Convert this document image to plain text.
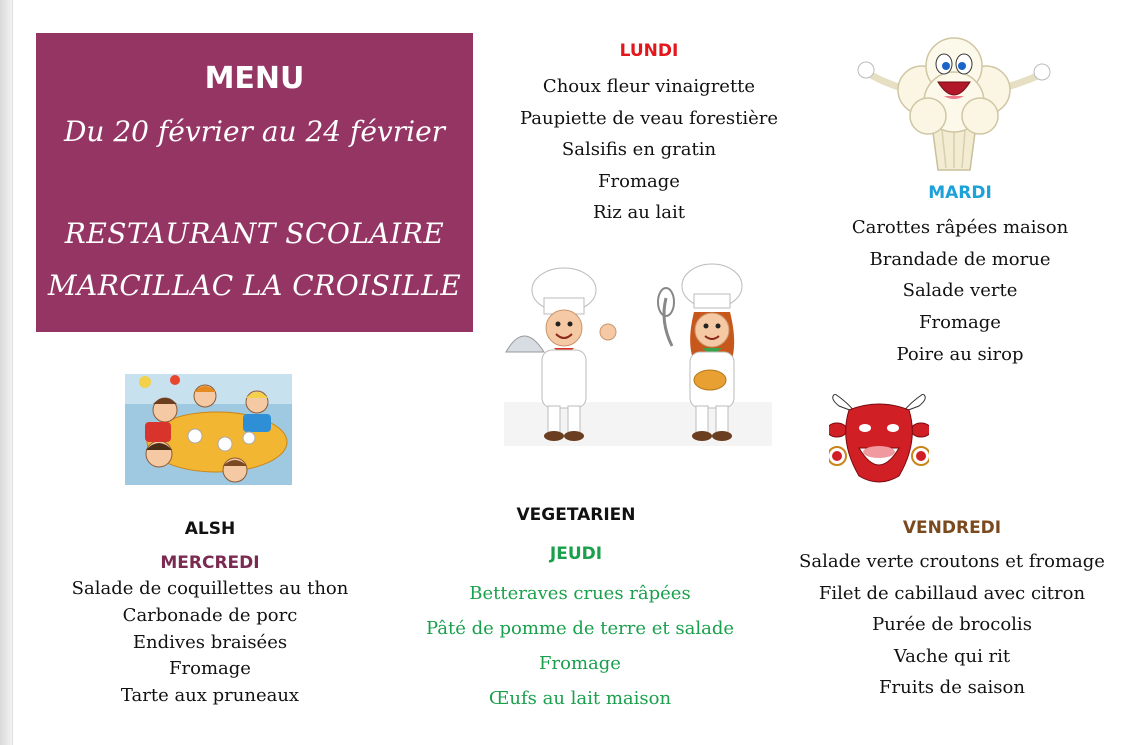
MENU
Du 20 février au 24 février
RESTAURANT SCOLAIRE
MARCILLAC LA CROISILLE
LUNDI
Choux fleur vinaigrette
Paupiette de veau forestière
Salsifis en gratin
Fromage
Riz au lait
MARDI
Carottes râpées maison
Brandade de morue
Salade verte
Fromage
Poire au sirop
ALSH
MERCREDI
Salade de coquillettes au thon
Carbonade de porc
Endives braisées
Fromage
Tarte aux pruneaux
VEGETARIEN
JEUDI
Betteraves crues râpées
Pâté de pomme de terre et salade
Fromage
Œufs au lait maison
VENDREDI
Salade verte croutons et fromage
Filet de cabillaud avec citron
Purée de brocolis
Vache qui rit
Fruits de saison
